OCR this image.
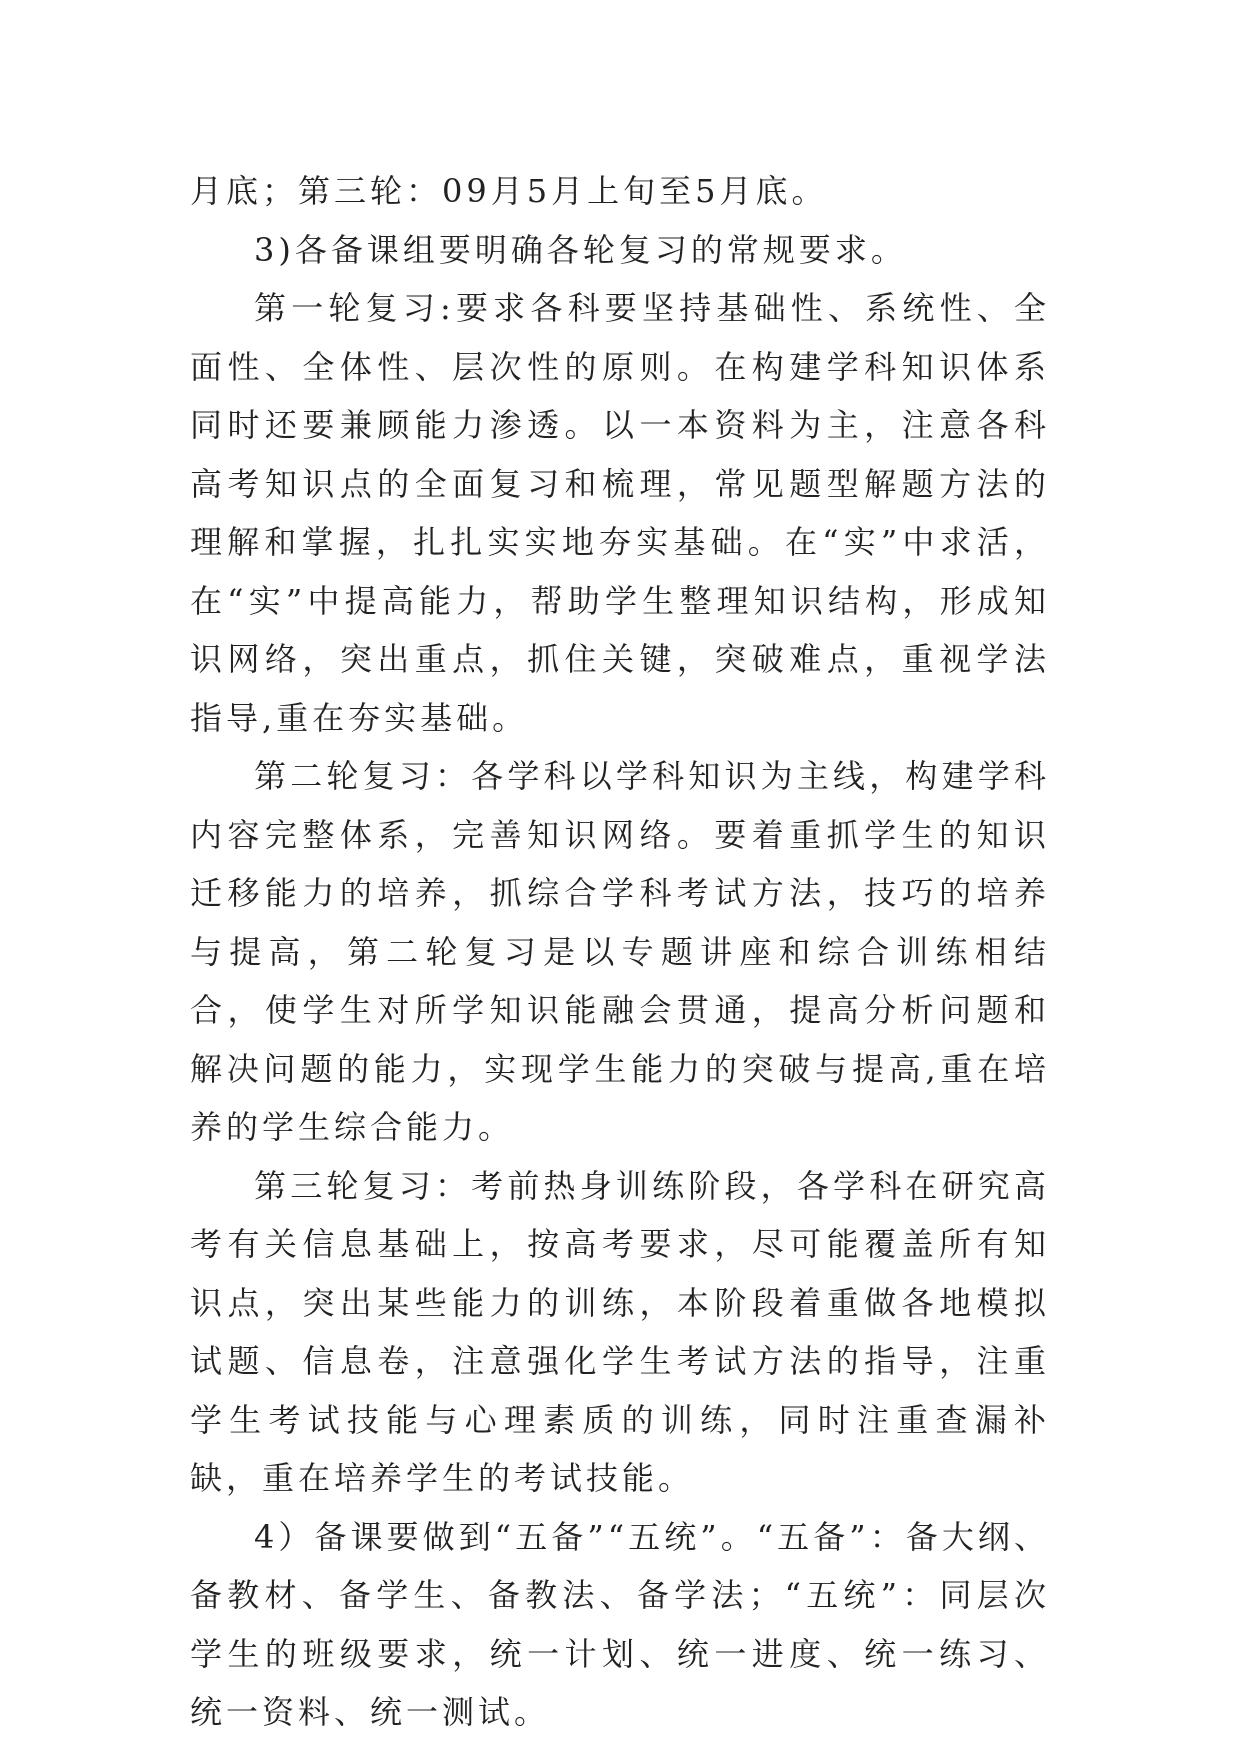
月底；第三轮：09月5月上旬至5月底。

3)各备课组要明确各轮复习的常规要求。

第一轮复习:要求各科要坚持基础性、系统性、全面性、全体性、层次性的原则。在构建学科知识体系同时还要兼顾能力渗透。以一本资料为主，注意各科高考知识点的全面复习和梳理，常见题型解题方法的理解和掌握，扎扎实实地夯实基础。在“实”中求活，在“实”中提高能力，帮助学生整理知识结构，形成知识网络，突出重点，抓住关键，突破难点，重视学法指导,重在夯实基础。

第二轮复习：各学科以学科知识为主线，构建学科内容完整体系，完善知识网络。要着重抓学生的知识迁移能力的培养，抓综合学科考试方法，技巧的培养与提高，第二轮复习是以专题讲座和综合训练相结合，使学生对所学知识能融会贯通，提高分析问题和解决问题的能力，实现学生能力的突破与提高,重在培养的学生综合能力。

第三轮复习：考前热身训练阶段，各学科在研究高考有关信息基础上，按高考要求，尽可能覆盖所有知识点，突出某些能力的训练，本阶段着重做各地模拟试题、信息卷，注意强化学生考试方法的指导，注重学生考试技能与心理素质的训练，同时注重查漏补缺，重在培养学生的考试技能。

4）备课要做到“五备”“五统”。“五备”：备大纲、备教材、备学生、备教法、备学法；“五统”：同层次学生的班级要求，统一计划、统一进度、统一练习、统一资料、统一测试。
